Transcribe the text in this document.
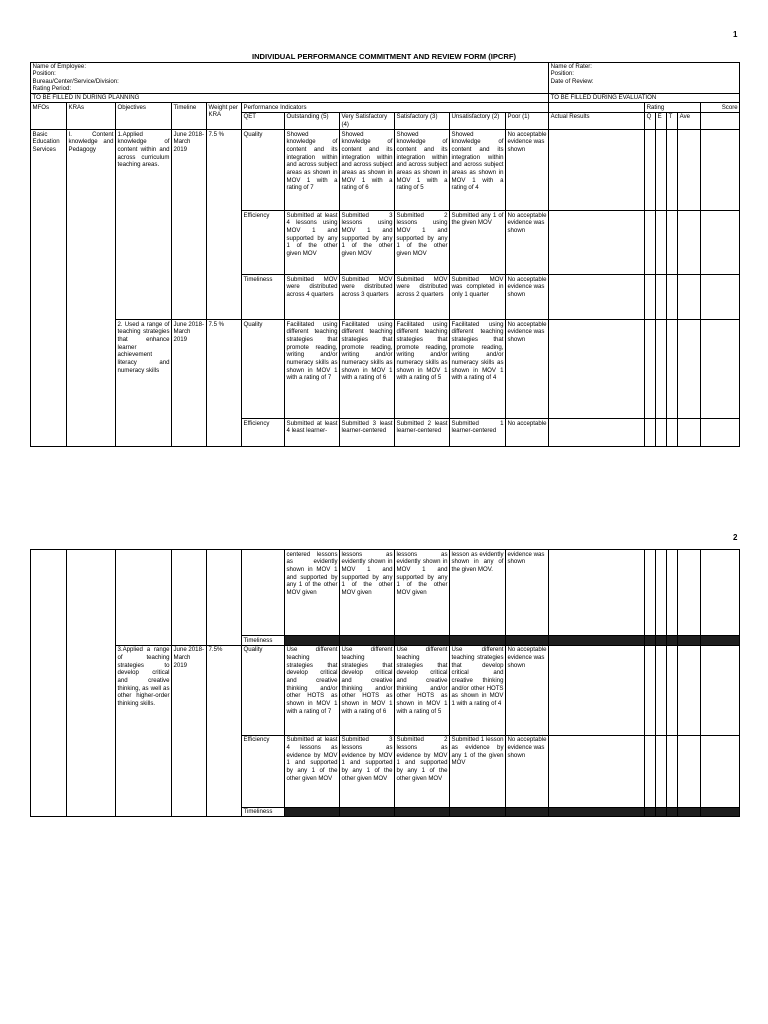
1
INDIVIDUAL PERFORMANCE COMMITMENT AND REVIEW FORM (IPCRF)
Name of Employee:											Name of Rater:					
Position:											Position:					
Bureau/Center/Service/Division:											Date of Review:					
Rating Period:																
TO BE FILLED IN DURING PLANNING											TO BE FILLED DURING EVALUATION					
MFOs	KRAs	Objectives	Timeline	Weight per KRA	Performance Indicators							Rating				Score
					QET	Outstanding (5)	Very Satisfactory (4)	Satisfactory (3)	Unsatisfactory (2)	Poor (1)	Actual Results	Q	E	T	Ave	
Basic Education Services	I. Content knowledge and Pedagogy	1.Applied knowledge of content within and across curriculum teaching areas.	June 2018-March 2019	7.5 %	Quality	Showed knowledge of content and its integration within and across subject areas as shown in MOV 1 with a rating of 7	Showed knowledge of content and its integration within and across subject areas as shown in MOV 1 with a rating of 6	Showed knowledge of content and its integration within and across subject areas as shown in MOV 1 with a rating of 5	Showed knowledge of content and its integration within and across subject areas as shown in MOV 1 with a rating of 4	No acceptable evidence was shown						
					Efficiency	Submitted at least 4 lessons using MOV 1 and supported by any 1 of the other given MOV	Submitted 3 lessons using MOV 1 and supported by any 1 of the other given MOV	Submitted 2 lessons using MOV 1 and supported by any 1 of the other given MOV	Submitted any 1 of the given MOV	No acceptable evidence was shown						
					Timeliness	Submitted MOV were distributed across 4 quarters	Submitted MOV were distributed across 3 quarters	Submitted MOV were distributed across 2 quarters	Submitted MOV was completed in only 1 quarter	No acceptable evidence was shown						
		2. Used a range of teaching strategies that enhance learner achievement literacy and numeracy skills	June 2018-March 2019	7.5 %	Quality	Facilitated using different teaching strategies that promote reading, writing and/or numeracy skills as shown in MOV 1 with a rating of 7	Facilitated using different teaching strategies that promote reading, writing and/or numeracy skills as shown in MOV 1 with a rating of 6	Facilitated using different teaching strategies that promote reading, writing and/or numeracy skills as shown in MOV 1 with a rating of 5	Facilitated using different teaching strategies that promote reading, writing and/or numeracy skills as shown in MOV 1 with a rating of 4	No acceptable evidence was shown						
					Efficiency	Submitted at least 4 least learner-	Submitted 3 least learner-centered	Submitted 2 least learner-centered	Submitted 1 learner-centered	No acceptable						
2
						centered lessons as evidently shown in MOV 1 and supported by any 1 of the other MOV given	lessons as evidently shown in MOV 1 and supported by any 1 of the other MOV given	lessons as evidently shown in MOV 1 and supported by any 1 of the other MOV given	lesson as evidently shown in any of the given MOV.	evidence was shown						
					Timeliness											
		3.Applied a range of teaching strategies to develop critical and creative thinking, as well as other higher-order thinking skills.	June 2018-March 2019	7.5%	Quality	Use different teaching strategies that develop critical and creative thinking and/or other HOTS as shown in MOV 1 with a rating of 7	Use different teaching strategies that develop critical and creative thinking and/or other HOTS as shown in MOV 1 with a rating of 6	Use different teaching strategies that develop critical and creative thinking and/or other HOTS as shown in MOV 1 with a rating of 5	Use different teaching strategies that develop critical and creative thinking and/or other HOTS as shown in MOV 1 with a rating of 4	No acceptable evidence was shown						
					Efficiency	Submitted at least 4 lessons as evidence by MOV 1 and supported by any 1 of the other given MOV	Submitted 3 lessons as evidence by MOV 1 and supported by any 1 of the other given MOV	Submitted 2 lessons as evidence by MOV 1 and supported by any 1 of the other given MOV	Submitted 1 lesson as evidence by any 1 of the given MOV	No acceptable evidence was shown						
					Timeliness											
